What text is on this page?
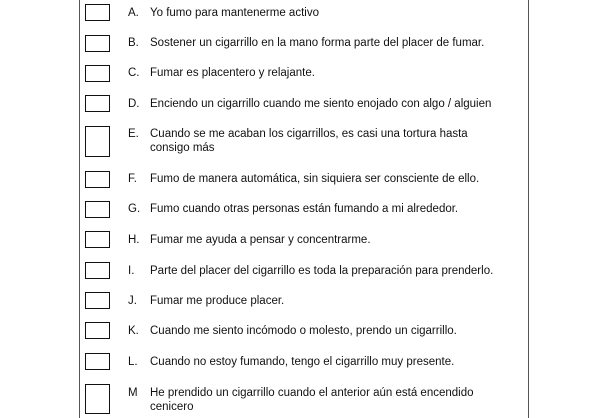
A. Yo fumo para mantenerme activo
B. Sostener un cigarrillo en la mano forma parte del placer de fumar.
C. Fumar es placentero y relajante.
D. Enciendo un cigarrillo cuando me siento enojado con algo / alguien
E. Cuando se me acaban los cigarrillos, es casi una tortura hasta
consigo más
F. Fumo de manera automática, sin siquiera ser consciente de ello.
G. Fumo cuando otras personas están fumando a mi alrededor.
H. Fumar me ayuda a pensar y concentrarme.
I. Parte del placer del cigarrillo es toda la preparación para prenderlo.
J. Fumar me produce placer.
K. Cuando me siento incómodo o molesto, prendo un cigarrillo.
L. Cuando no estoy fumando, tengo el cigarrillo muy presente.
M He prendido un cigarrillo cuando el anterior aún está encendido
cenicero
